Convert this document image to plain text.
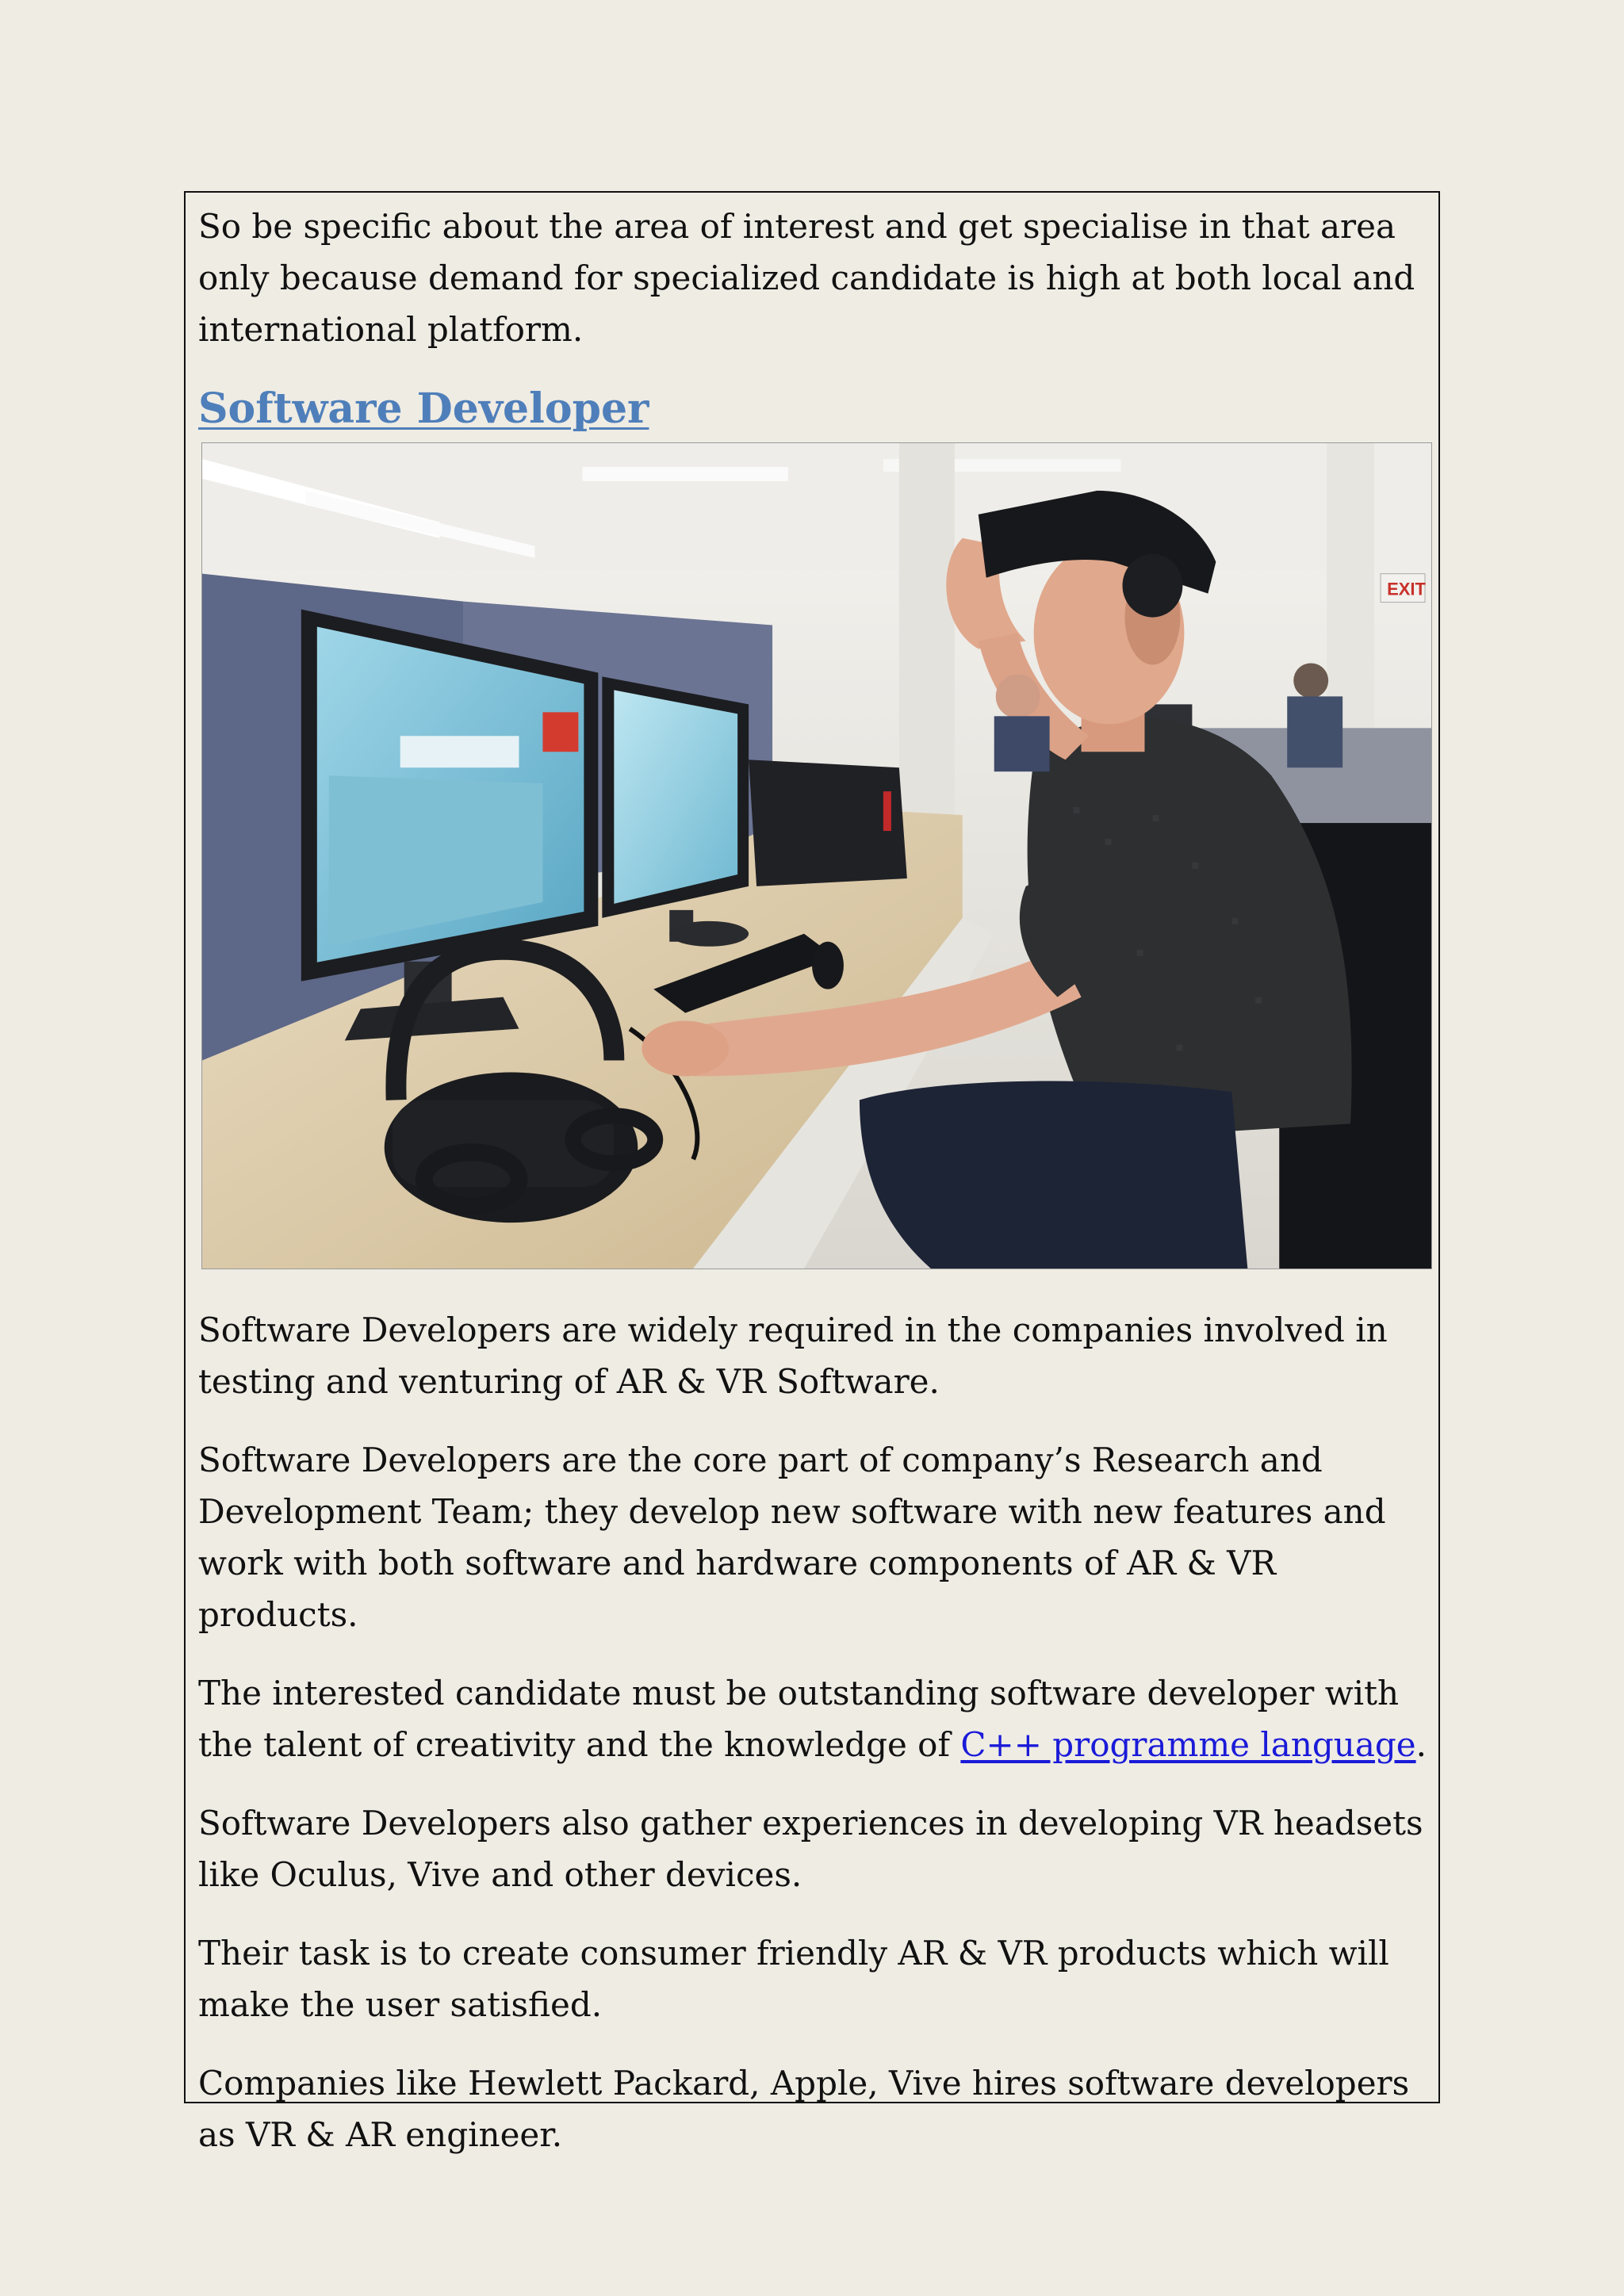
So be specific about the area of interest and get specialise in that area only because demand for specialized candidate is high at both local and international platform.

Software Developer
EXIT

Software Developers are widely required in the companies involved in testing and venturing of AR & VR Software.

Software Developers are the core part of company’s Research and Development Team; they develop new software with new features and work with both software and hardware components of AR & VR products.

The interested candidate must be outstanding software developer with the talent of creativity and the knowledge of C++ programme language.

Software Developers also gather experiences in developing VR headsets like Oculus, Vive and other devices.

Their task is to create consumer friendly AR & VR products which will make the user satisfied.

Companies like Hewlett Packard, Apple, Vive hires software developers as VR & AR engineer.
